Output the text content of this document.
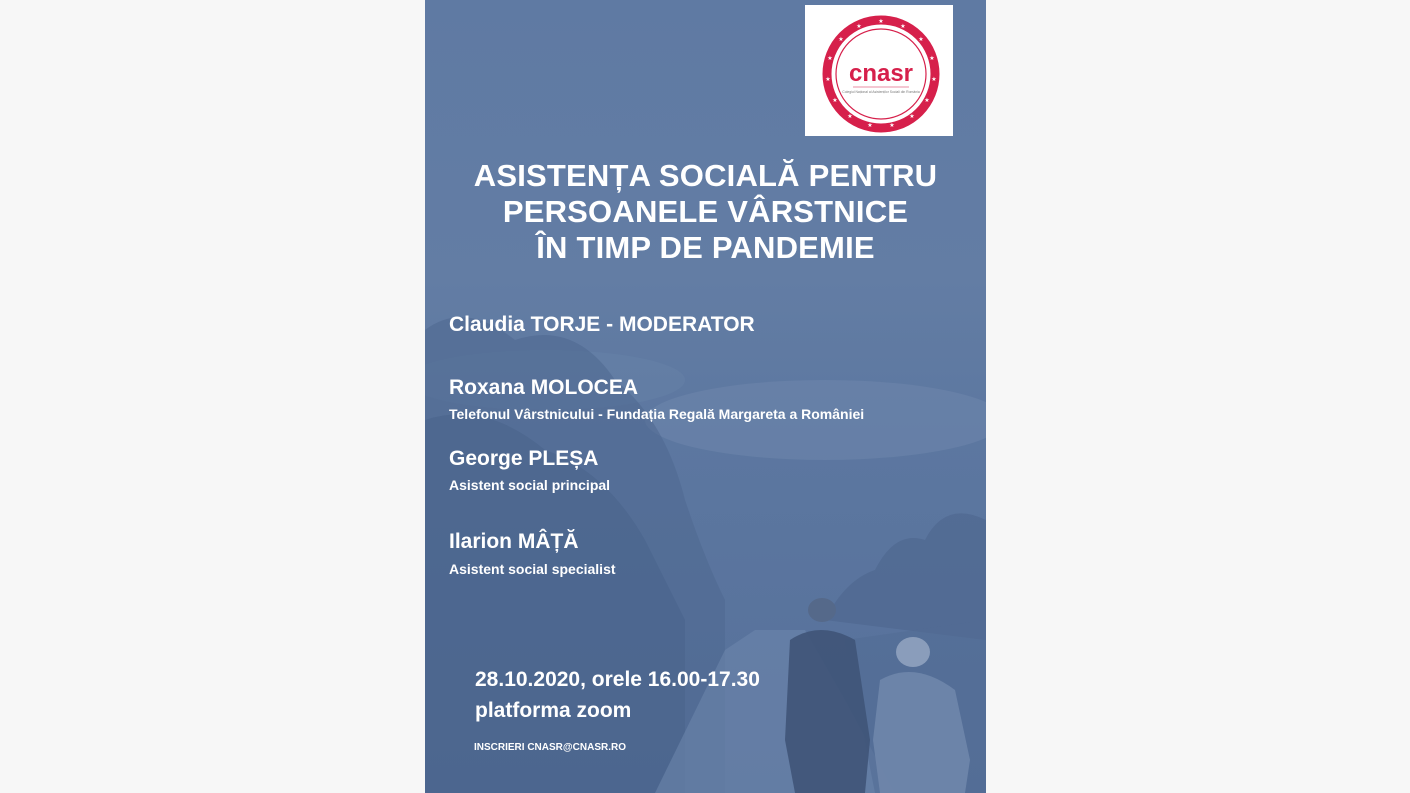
★
★
★
★
★
★
★
★
★
★
★
★
★
★
★
cnasr
Colegiul Național al Asistenților Sociali din România
ASISTENȚA SOCIALĂ PENTRU
PERSOANELE VÂRSTNICE
ÎN TIMP DE PANDEMIE
Claudia TORJE - MODERATOR
Roxana MOLOCEA
Telefonul Vârstnicului - Fundația Regală Margareta a României
George PLEȘA
Asistent social principal
Ilarion MÂȚĂ
Asistent social specialist
28.10.2020, orele 16.00-17.30
platforma zoom
INSCRIERI CNASR@CNASR.RO
